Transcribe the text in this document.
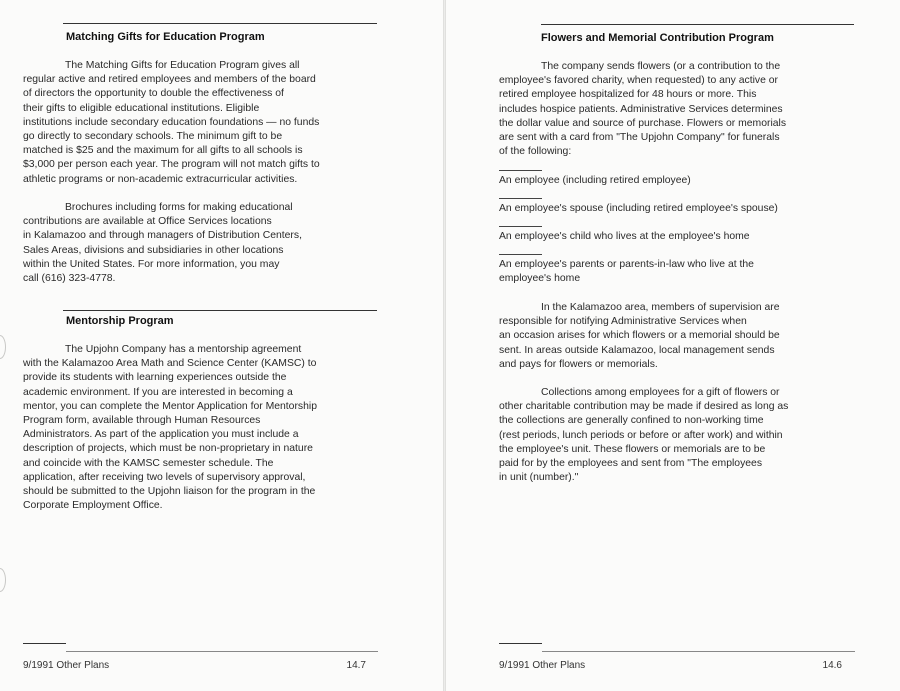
Matching Gifts for Education Program

The Matching Gifts for Education Program gives all

regular active and retired employees and members of the board

of directors the opportunity to double the effectiveness of

their gifts to eligible educational institutions. Eligible

institutions include secondary education foundations — no funds

go directly to secondary schools. The minimum gift to be

matched is $25 and the maximum for all gifts to all schools is

$3,000 per person each year. The program will not match gifts to

athletic programs or non-academic extracurricular activities.

Brochures including forms for making educational

contributions are available at Office Services locations

in Kalamazoo and through managers of Distribution Centers,

Sales Areas, divisions and subsidiaries in other locations

within the United States. For more information, you may

call (616) 323-4778.

Mentorship Program

The Upjohn Company has a mentorship agreement

with the Kalamazoo Area Math and Science Center (KAMSC) to

provide its students with learning experiences outside the

academic environment. If you are interested in becoming a

mentor, you can complete the Mentor Application for Mentorship

Program form, available through Human Resources

Administrators. As part of the application you must include a

description of projects, which must be non-proprietary in nature

and coincide with the KAMSC semester schedule. The

application, after receiving two levels of supervisory approval,

should be submitted to the Upjohn liaison for the program in the

Corporate Employment Office.

9/1991 Other Plans	14.7
Flowers and Memorial Contribution Program

The company sends flowers (or a contribution to the

employee's favored charity, when requested) to any active or

retired employee hospitalized for 48 hours or more. This

includes hospice patients. Administrative Services determines

the dollar value and source of purchase. Flowers or memorials

are sent with a card from "The Upjohn Company" for funerals

of the following:

An employee (including retired employee)

An employee's spouse (including retired employee's spouse)

An employee's child who lives at the employee's home

An employee's parents or parents-in-law who live at the

employee's home

In the Kalamazoo area, members of supervision are

responsible for notifying Administrative Services when

an occasion arises for which flowers or a memorial should be

sent. In areas outside Kalamazoo, local management sends

and pays for flowers or memorials.

Collections among employees for a gift of flowers or

other charitable contribution may be made if desired as long as

the collections are generally confined to non-working time

(rest periods, lunch periods or before or after work) and within

the employee's unit. These flowers or memorials are to be

paid for by the employees and sent from "The employees

in unit (number)."

9/1991 Other Plans	14.6
